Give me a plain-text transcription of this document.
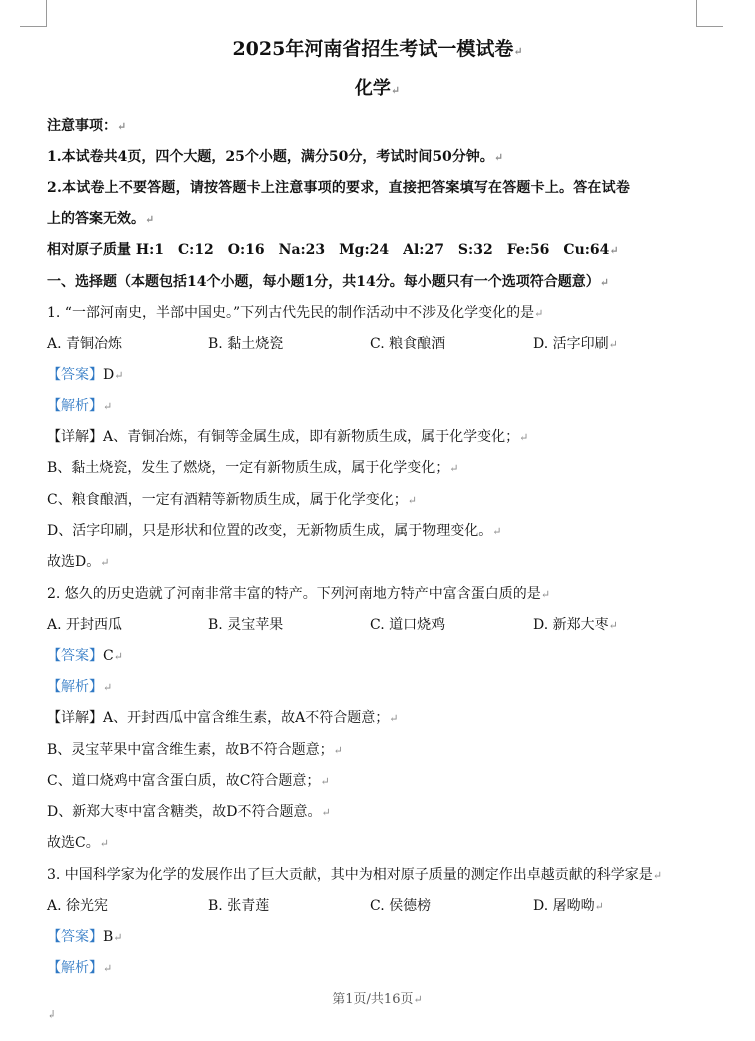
2025年河南省招生考试一模试卷↵
化学↵
注意事项：↵
1.本试卷共4页，四个大题，25个小题，满分50分，考试时间50分钟。↵
2.本试卷上不要答题，请按答题卡上注意事项的要求，直接把答案填写在答题卡上。答在试卷
上的答案无效。↵
相对原子质量 H:1　C:12　O:16　Na:23　Mg:24　Al:27　S:32　Fe:56　Cu:64↵
一、选择题（本题包括14个小题，每小题1分，共14分。每小题只有一个选项符合题意）↵
1. “一部河南史，半部中国史。”下列古代先民的制作活动中不涉及化学变化的是↵
A. 青铜冶炼	B. 黏土烧瓷	C. 粮食酿酒	D. 活字印刷↵
【答案】D↵
【解析】↵
【详解】A、青铜冶炼，有铜等金属生成，即有新物质生成，属于化学变化；↵
B、黏土烧瓷，发生了燃烧，一定有新物质生成，属于化学变化；↵
C、粮食酿酒，一定有酒精等新物质生成，属于化学变化；↵
D、活字印刷，只是形状和位置的改变，无新物质生成，属于物理变化。↵
故选D。↵
2. 悠久的历史造就了河南非常丰富的特产。下列河南地方特产中富含蛋白质的是↵
A. 开封西瓜	B. 灵宝苹果	C. 道口烧鸡	D. 新郑大枣↵
【答案】C↵
【解析】↵
【详解】A、开封西瓜中富含维生素，故A不符合题意；↵
B、灵宝苹果中富含维生素，故B不符合题意；↵
C、道口烧鸡中富含蛋白质，故C符合题意；↵
D、新郑大枣中富含糖类，故D不符合题意。↵
故选C。↵
3. 中国科学家为化学的发展作出了巨大贡献，其中为相对原子质量的测定作出卓越贡献的科学家是↵
A. 徐光宪	B. 张青莲	C. 侯德榜	D. 屠呦呦↵
【答案】B↵
【解析】↵
第1页/共16页↵
↲
